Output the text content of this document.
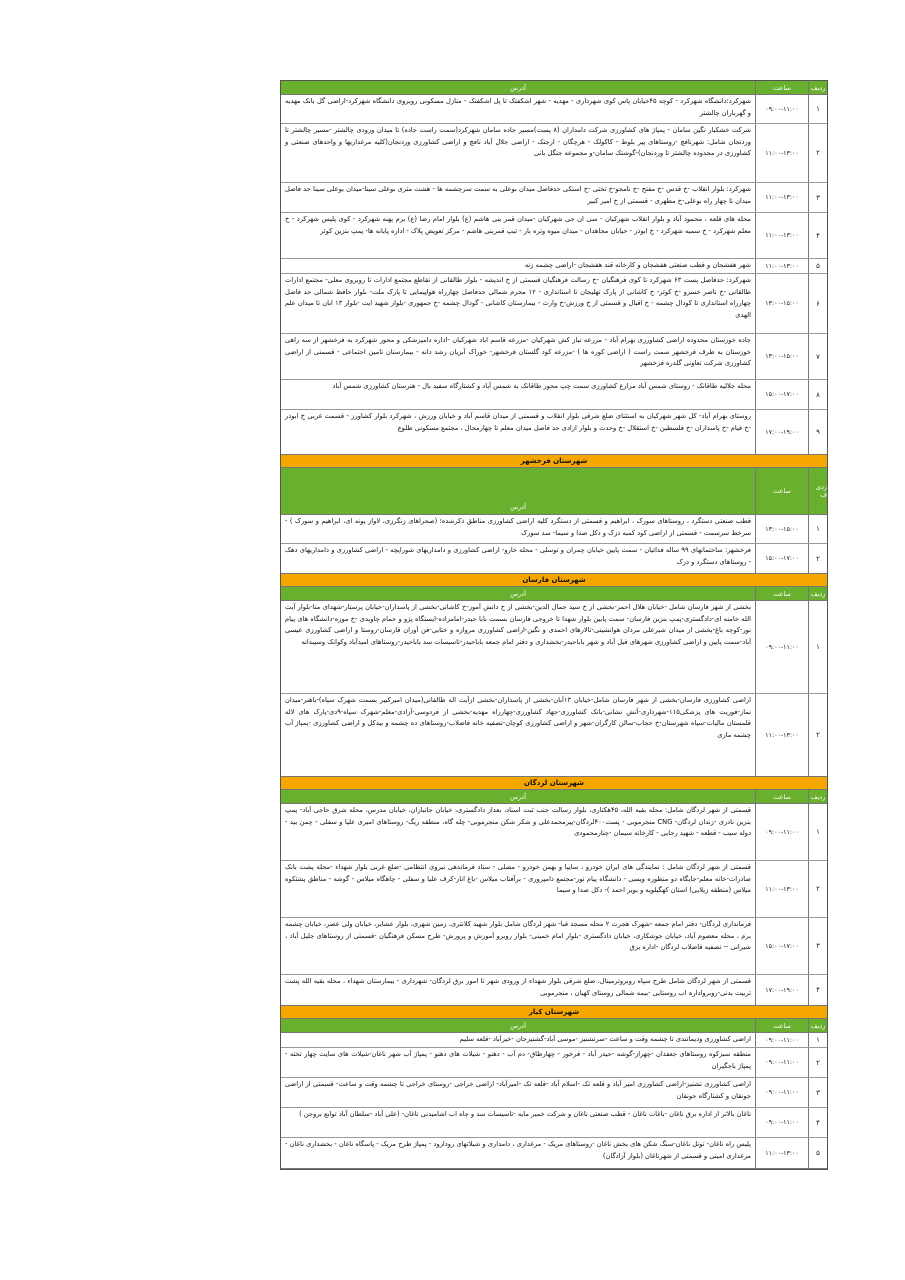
ردیف
ساعت
آدرس
۱
۰۹:۰۰-۱۱:۰۰
شهرکرد؛دانشگاه شهرکرد - کوچه ۴۵خیابان پاس کوی شهرداری - مهدیه - شهر اشکفتک تا پل اشکفتک - منازل مسکونی روبروی دانشگاه شهرکرد-اراضی گل بانک مهدیه و گهرباران چالشتر
۲
۱۱:۰۰-۱۳:۰۰
شرکت خشکبار نگین سامان - پمپاژ های کشاورزی شرکت دامداران (۸ پست)مسیر جاده سامان شهرکرد(سمت راست جاده) تا میدان ورودی چالشتر -مسیر چالشتر تا وردنجان شامل: شهرنافچ -روستاهای پیر بلوط - کاکولک - هرچگان - ارجنک - اراضی جلال آباد نافچ و اراضی کشاورزی وردنجان(کلیه مرغداریها و واحدهای صنعتی و کشاورزی در محدوده چالشتر تا وردنجان)-گوشتک سامان-و مجموعه جنگل بانی
۳
۱۱:۰۰-۱۳:۰۰
شهرکرد: بلوار انقلاب -خ قدس -خ مفتح -خ نامجو-خ تختی -خ استکی حدفاصل میدان بوعلی به سمت سرچشمه ها - هشت متری بوعلی سینا-میدان بوعلی سینا حد فاصل میدان تا چهار راه بوعلی-خ مطهری - قسمتی از خ امیر کبیر
۴
۱۱:۰۰-۱۳:۰۰
محله های قلعه ، محمود آباد و بلوار انقلاب شهرکیان - سی ان جی شهرکیان -میدان قمر بنی هاشم (ع) بلوار امام رضا (ع) برم پهنه شهرکرد - کوی پلیس شهرکرد - خ معلم شهرکرد - خ سمیه شهرکرد - خ ابوذر - خیابان مجاهدان - میدان میوه وتره بار - تیپ قمربنی هاشم - مرکز تعویض پلاک - اداره پایانه ها- پمپ بنزین کوثر
۵
۱۱:۰۰-۱۳:۰۰
شهر هفشجان و قطب صنعتی هفشجان و کارخانه قند هفشجان -اراضی چشمه زنه
۶
۱۳:۰۰-۱۵:۰۰
شهرکرد: حدفاصل پست ۶۳ شهرکرد تا کوی فرهنگیان -خ رسالت فرهنگیان قسمتی از خ اندیشه - بلوار طالقانی از تقاطع مجتمع ادارات تا روبروی معلی- مجتمع ادارات طالقانی -خ ناصر خسرو -خ کوثر- خ کاشانی از پارک تهلیجان تا استانداری - ۱۲ محرم شمالی حدفاصل چهارراه هواپیمایی تا پارک ملت- بلوار حافظ شمالی حد فاصل چهارراه استانداری تا کودال چشمه - خ اقبال و قسمتی از خ ورزش-خ وارث - بیمارستان کاشانی - گودال چشمه -خ جمهوری -بلوار شهید ایت -بلوار ۱۳ ابان تا میدان علم الهدی
۷
۱۳:۰۰-۱۵:۰۰
جاده خوزستان محدوده اراضی کشاورزی بهرام آباد - مزرعه نیاز کش شهرکیان -مزرعه قاسم اباد شهرکیان -اداره دامپزشکی و محور شهرکرد به فرخشهر از سه راهی خوزستان به طرف فرخشهر سمت راست ( اراضی کوره ها ) -مزرعه کود گلستان فرخشهر- خوراک آبزیان رشد دانه - بیمارستان تامین اجتماعی - قسمتی از اراضی کشاورزی شرکت تعاونی گلدره فرخشهر
۸
۱۵:۰۰-۱۷:۰۰
محله جلالیه طاقانک - روستای شمس آباد مزارع کشاورزی سمت چپ محور طاقانک به شمس آباد و کشتارگاه سفید بال - هنرستان کشاورزی شمس آباد
۹
۱۷:۰۰-۱۹:۰۰
روستای بهرام آباد- کل شهر شهرکیان به استثنای ضلع شرقی بلوار انقلاب و قسمتی از میدان قاسم آباد و خیابان ورزش ، شهرکرد بلوار کشاورز - قسمت غربی خ ابوذر -خ قیام -خ پاسداران -خ فلسطین -خ استقلال -خ وحدت و بلوار ازادی حد فاصل میدان معلم تا چهارمحال ، مجتمع مسکونی طلوع
شهرستان فرخشهر
ردی ف
ساعت
آدرس
۱
۱۳:۰۰-۱۵:۰۰
قطب صنعتی دستگرد ، روستاهای سورک ، ابراهیم و قسمتی از دستگرد کلیه اراضی کشاورزی مناطق ذکرشده؛ (صحراهای زنگرزی، لاواز پونه ای، ابراهیم و سورک ) - سرخط سرسمت - قسمتی از اراضی کود کمبه دزک و دکل صدا و سیما- سد سورک
۲
۱۵:۰۰-۱۷:۰۰
فرخشهر: ساختمانهای ۹۹ ساله فدائیان - سمت پایین خیابان چمران و توسلی - محله خارو- اراضی کشاورزی و دامداریهای شوراپچه - اراضی کشاورزی و دامداریهای دهک - روستاهای دستگرد و دزک
شهرستان فارسان
ردیف
ساعت
آدرس
۱
۰۹:۰۰-۱۱:۰۰
بخشی از شهر فارسان شامل -خیابان هلال احمر-بخشی از خ سید جمال الدین-بخشی از خ دانش آموز-خ کاشانی-بخشی از پاسداران-خیابان پرستار-شهدای منا-بلوار آیت الله خامنه ای-دادگستری-پمپ بنزین فارسان- سمت پایین بلوار شهدا تا خروجی فارسان بسمت بابا حیدر-امامزاده-ایستگاه پژو و حمام چاویدی -خ موزه-دانشگاه های پیام نور-کوچه باغ-بخشی از میدان شیرعلی مردان هوانشینی-تالارهای احمدی و نگین-اراضی کشاورزی مروازه و ختایی-فن آوران فارسان-روستا و اراضی کشاورزی عیسی آباد-سمت پایین و اراضی کشاورزی شهرهای فیل آباد و شهر باباحیدر-بخشداری و دفتر امام جمعه باباحیدر-تاسیسات سد باباحیدر-روستاهای امیدآباد وکوانک وسیبدانه
۲
۱۱:۰۰-۱۳:۰۰
اراضی کشاورزی فارسان-بخشی از شهر فارسان شامل-خیابان ۱۳آبان-بخشی از پاسداران-بخشی ازآیت اله طالقانی(میدان امیرکبیر بسمت شهرک سیاه)-باهنر-میدان نماز-فوریت های پزشکی۱۱۵-شهرداری-آتش نشانی-بانک کشاورزی-جهاد کشاورزی-چهارراه مهدیه-بخشی از فردوسی-آزادی-معلم-شهرک سپاه-۹دی-پارک های لاله قلمستان مالیات-سپاه شهرستان-خ حجاب-سالن کارگران-شهر و اراضی کشاورزی کوچان-تصفیه خانه فاضلاب-روستاهای ده چشمه و بیدکل و اراضی کشاورزی -پمپاژ آب چشمه ماری
شهرستان لردگان
ردیف
ساعت
آدرس
۱
۰۹:۰۰-۱۱:۰۰
قسمتی از شهر لردگان شامل: محله بقیه الله، ۴۵هکتاری، بلوار رسالت جنب ثبت اسناد، بعداز دادگستری، خیابان جانبازان، خیابان مدرس، محله شرق حاجی آباد- پمپ بنزین نادری -زندان لردگان- CNG منجرموبی - پست۴۰۰لردگان-پیرمحمدعلی و شکر شکن منجرموبی- چله گاه، منطقه ریگ- روستاهای امیری علیا و سفلی - چمن بید - دوله سیب - قطعه - شهید رجایی - کارخانه سیمان -چنارمحمودی
۲
۱۱:۰۰-۱۳:۰۰
قسمتی از شهر لردگان شامل : نمایندگی های ایران خودرو ، سایپا و بهمن خودرو - مصلی - ستاد فرماندهی نیروی انتظامی -ضلع غربی بلوار شهداء -محله پشت بانک صادرات-خانه معلم-جایگاه دو منظوره ویسی - دانشگاه پیام نور-مجتمع دامپروری - برآفتاب میلاس -باغ انار-کرف علیا و سفلی - چاهگاه میلاس - گوشه - مناطق پشتکوه میلاس (منطقه زیلایی) استان کهگیلویه و بویر احمد )- دکل صدا و سیما
۳
۱۵:۰۰-۱۷:۰۰
فرمانداری لردگان- دفتر امام جمعه -شهرک هجرت ۲ محله مسجد قبا- شهر لردگان شامل بلوار شهید کلانتری، زمین شهری، بلوار عشایر، خیابان ولی عصر، خیابان چشمه برم ، محله معصوم آباد، خیابان جوشکاری، خیابان دادگستری -بلوار امام خمینی- بلوار روبرو آموزش و پرورش- طرح مسکن فرهنگیان -قسمتی از روستاهای جلیل آباد ، شیرانی -- تصفیه فاضلاب لردگان -اداره برق
۴
۱۷:۰۰-۱۹:۰۰
قسمتی از شهر لردگان شامل طرح سپاه روبروترمینال، ضلع شرقی بلوار شهداء از ورودی شهر تا امور برق لردگان- شهرداری - بیمارستان شهداء ، محله بقیه الله پشت تربیت بدنی-روبروادارہ اب روستایی -بیمه شمالی روستای کهیان ، منجرموبی
شهرستان کیار
ردیف
ساعت
آدرس
۱
۰۹:۰۰-۱۱:۰۰
اراضی کشاورزی ودیمانندی تا چشمه وقت و ساعت -سرتشنیز -موسی آباد-گشنیزجان -خیرآباد -قلعه سلیم
۲
۰۹:۰۰-۱۱:۰۰
منطقه سبزکوه روستاهای جعفدان -چهراز-گوشه -حیدر آباد - فرخور - چهارطاق- دم آب - دهنو - شیلات های دهنو - پمپاژ آب شهر ناغان-شیلات های سایت چهار تخته - پمپاژ باجگیران
۳
۰۹:۰۰-۱۱:۰۰
اراضی کشاورزی تشنیز-اراضی کشاورزی امیر آباد و قلعه تک -اسلام آباد -قلعه تک -امیرآباد- اراضی خراجی -روستای خراجی تا چشمه وقت و ساعت- قسمتی از اراضی جونقان و کشتارگاه جونقان
۴
۰۹:۰۰-۱۱:۰۰
ناغان بالاتر از اداره برق ناغان -باغات ناغان - قطب صنعتی ناغان و شرکت خمیر مایه -تاسیسات سد و چاه اب اشامیدنی ناغان- (علی آباد -سلطان آباد توابع بروجن )
۵
۱۱:۰۰-۱۳:۰۰
پلیس راه ناغان- تونل ناغان-سنگ شکن های بخش ناغان -روستاهای مریک - مرغداری ، دامداری و شیلاتهای رودارود - پمپاژ طرح مریک - پاسگاه ناغان - بخشداری ناغان - مرغداری امینی و قسمتی از شهرناغان (بلوار آزادگان)
